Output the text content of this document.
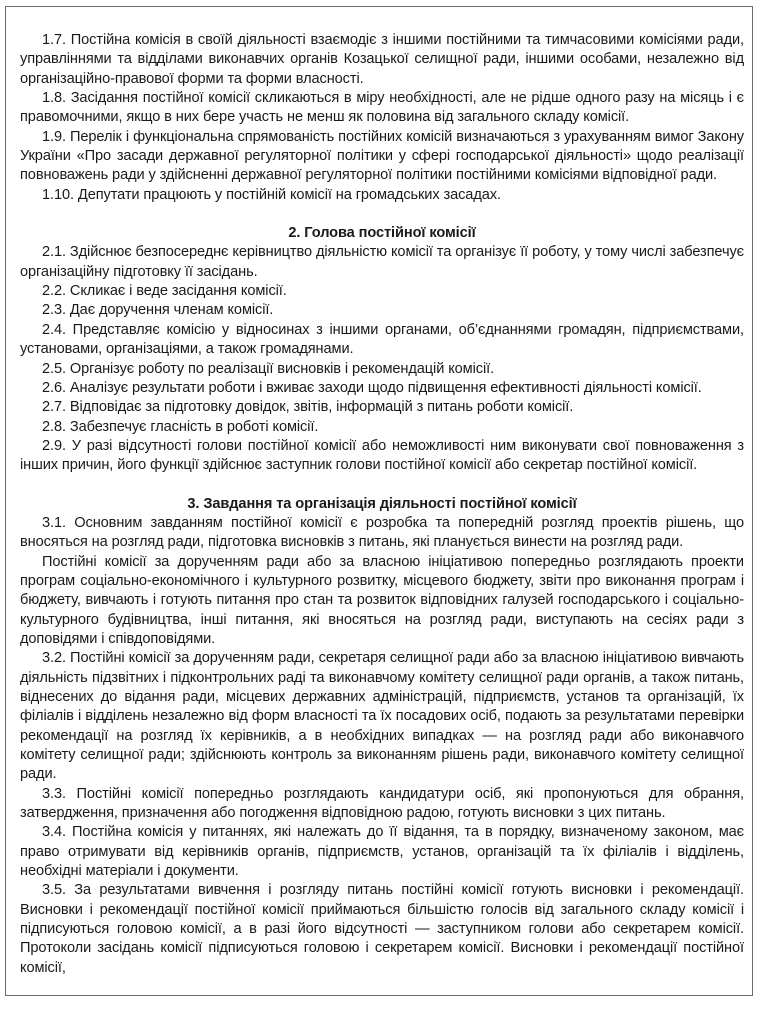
1.7. Постійна комісія в своїй діяльності взаємодіє з іншими постійними та тимчасовими комісіями ради, управліннями та відділами виконавчих органів Козацької селищної ради, іншими особами, незалежно від організаційно-правової форми та форми власності.

1.8. Засідання постійної комісії скликаються в міру необхідності, але не рідше одного разу на місяць і є правомочними, якщо в них бере участь не менш як половина від загального складу комісії.

1.9. Перелік і функціональна спрямованість постійних комісій визначаються з урахуванням вимог Закону України «Про засади державної регуляторної політики у сфері господарської діяльності» щодо реалізації повноважень ради у здійсненні державної регуляторної політики постійними комісіями відповідної ради.

1.10. Депутати працюють у постійній комісії на громадських засадах.

2. Голова постійної комісії

2.1. Здійснює безпосереднє керівництво діяльністю комісії та організує її роботу, у тому числі забезпечує організаційну підготовку її засідань.

2.2. Скликає і веде засідання комісії.

2.3. Дає доручення членам комісії.

2.4. Представляє комісію у відносинах з іншими органами, об’єднаннями громадян, підприємствами, установами, організаціями, а також громадянами.

2.5. Організує роботу по реалізації висновків і рекомендацій комісії.

2.6. Аналізує результати роботи і вживає заходи щодо підвищення ефективності діяльності комісії.

2.7. Відповідає за підготовку довідок, звітів, інформацій з питань роботи комісії.

2.8. Забезпечує гласність в роботі комісії.

2.9. У разі відсутності голови постійної комісії або неможливості ним виконувати свої повноваження з інших причин, його функції здійснює заступник голови постійної комісії або секретар постійної комісії.

3. Завдання та організація діяльності постійної комісії

3.1. Основним завданням постійної комісії є розробка та попередній розгляд проектів рішень, що вносяться на розгляд ради, підготовка висновків з питань, які планується винести на розгляд ради.

Постійні комісії за дорученням ради або за власною ініціативою попередньо розглядають проекти програм соціально-економічного і культурного розвитку, місцевого бюджету, звіти про виконання програм і бюджету, вивчають і готують питання про стан та розвиток відповідних галузей господарського і соціально-культурного будівництва, інші питання, які вносяться на розгляд ради, виступають на сесіях ради з доповідями і співдоповідями.

3.2. Постійні комісії за дорученням ради, секретаря селищної ради або за власною ініціативою вивчають діяльність підзвітних і підконтрольних раді та виконавчому комітету селищної ради органів, а також питань, віднесених до відання ради, місцевих державних адміністрацій, підприємств, установ та організацій, їх філіалів і відділень незалежно від форм власності та їх посадових осіб, подають за результатами перевірки рекомендації на розгляд їх керівників, а в необхідних випадках — на розгляд ради або виконавчого комітету селищної ради; здійснюють контроль за виконанням рішень ради, виконавчого комітету селищної ради.

3.3. Постійні комісії попередньо розглядають кандидатури осіб, які пропонуються для обрання, затвердження, призначення або погодження відповідною радою, готують висновки з цих питань.

3.4. Постійна комісія у питаннях, які належать до її відання, та в порядку, визначеному законом, має право отримувати від керівників органів, підприємств, установ, організацій та їх філіалів і відділень, необхідні матеріали і документи.

3.5. За результатами вивчення і розгляду питань постійні комісії готують висновки і рекомендації. Висновки і рекомендації постійної комісії приймаються більшістю голосів від загального складу комісії і підписуються головою комісії, а в разі його відсутності — заступником голови або секретарем комісії. Протоколи засідань комісії підписуються головою і секретарем комісії. Висновки і рекомендації постійної комісії,
